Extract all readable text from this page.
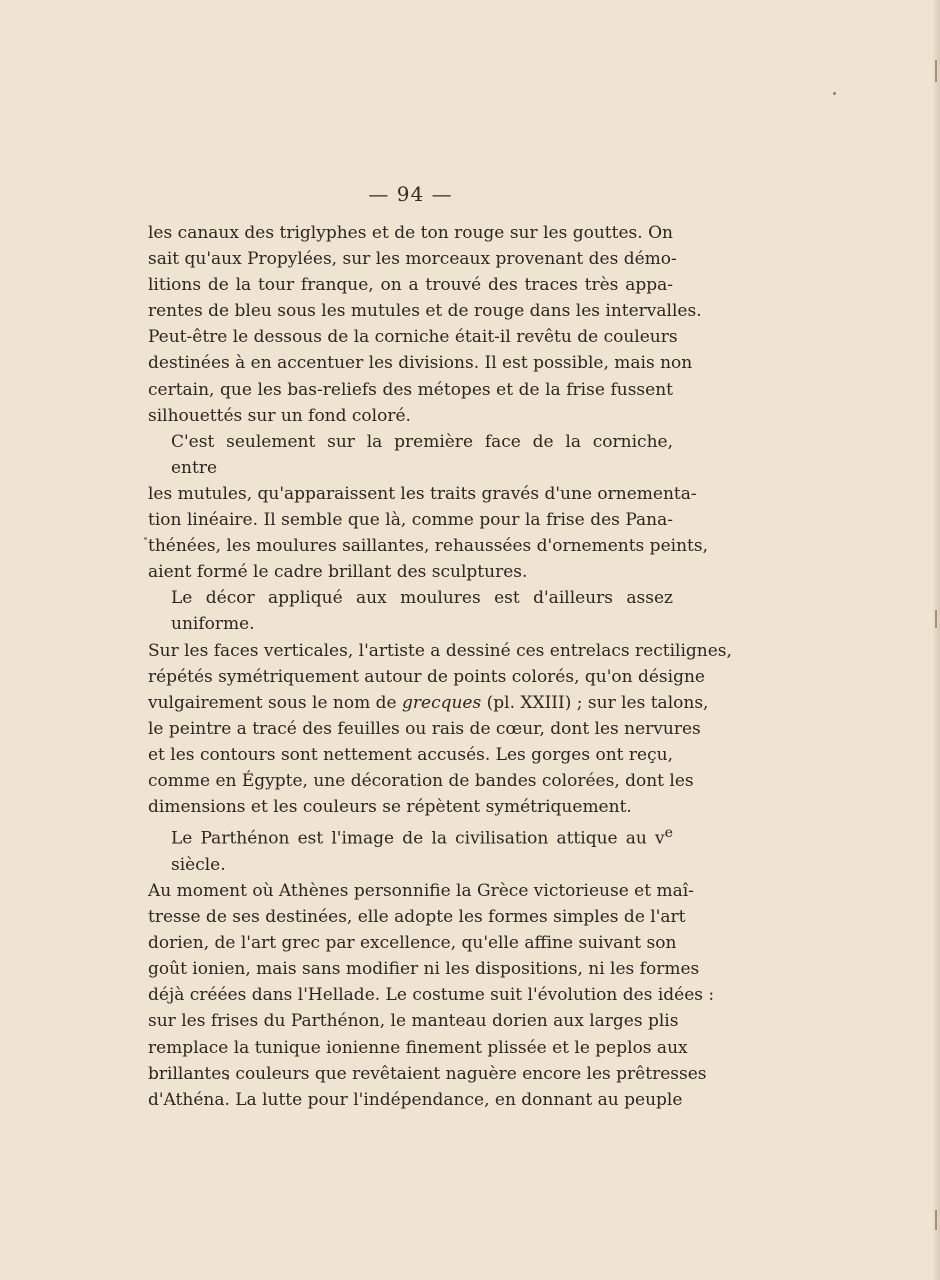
— 94 —
les canaux des triglyphes et de ton rouge sur les gouttes. On
sait qu'aux Propylées, sur les morceaux provenant des démo-
litions de la tour franque, on a trouvé des traces très appa-
rentes de bleu sous les mutules et de rouge dans les intervalles.
Peut-être le dessous de la corniche était-il revêtu de couleurs
destinées à en accentuer les divisions. Il est possible, mais non
certain, que les bas-reliefs des métopes et de la frise fussent
silhouettés sur un fond coloré.
C'est seulement sur la première face de la corniche, entre
les mutules, qu'apparaissent les traits gravés d'une ornementa-
tion linéaire. Il semble que là, comme pour la frise des Pana-
thénées, les moulures saillantes, rehaussées d'ornements peints,
aient formé le cadre brillant des sculptures.
Le décor appliqué aux moulures est d'ailleurs assez uniforme.
Sur les faces verticales, l'artiste a dessiné ces entrelacs rectilignes,
répétés symétriquement autour de points colorés, qu'on désigne
vulgairement sous le nom de grecques (pl. XXIII) ; sur les talons,
le peintre a tracé des feuilles ou rais de cœur, dont les nervures
et les contours sont nettement accusés. Les gorges ont reçu,
comme en Égypte, une décoration de bandes colorées, dont les
dimensions et les couleurs se répètent symétriquement.
Le Parthénon est l'image de la civilisation attique au $v^e$ siècle.
Au moment où Athènes personnifie la Grèce victorieuse et maî-
tresse de ses destinées, elle adopte les formes simples de l'art
dorien, de l'art grec par excellence, qu'elle affine suivant son
goût ionien, mais sans modifier ni les dispositions, ni les formes
déjà créées dans l'Hellade. Le costume suit l'évolution des idées :
sur les frises du Parthénon, le manteau dorien aux larges plis
remplace la tunique ionienne finement plissée et le peplos aux
brillantes couleurs que revêtaient naguère encore les prêtresses
d'Athéna. La lutte pour l'indépendance, en donnant au peuple
